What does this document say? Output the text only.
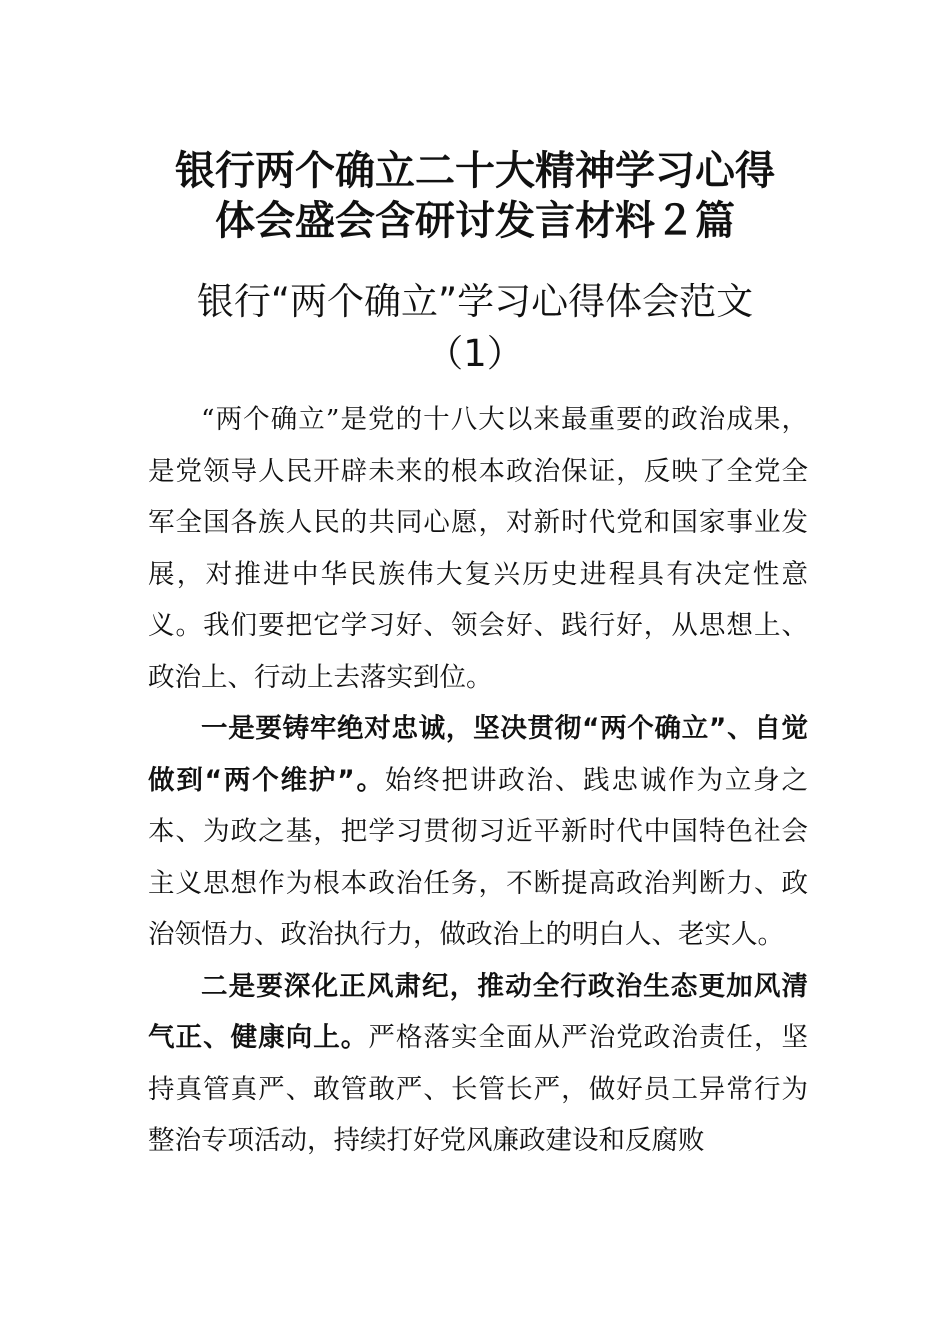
银行两个确立二十大精神学习心得
体会盛会含研讨发言材料２篇
银行“两个确立”学习心得体会范文
（1）

“两个确立”是党的十八大以来最重要的政治成果，是党领导人民开辟未来的根本政治保证，反映了全党全军全国各族人民的共同心愿，对新时代党和国家事业发展，对推进中华民族伟大复兴历史进程具有决定性意义。我们要把它学习好、领会好、践行好，从思想上、政治上、行动上去落实到位。

一是要铸牢绝对忠诚，坚决贯彻“两个确立”、自觉做到“两个维护”。始终把讲政治、践忠诚作为立身之本、为政之基，把学习贯彻习近平新时代中国特色社会主义思想作为根本政治任务，不断提高政治判断力、政治领悟力、政治执行力，做政治上的明白人、老实人。

二是要深化正风肃纪，推动全行政治生态更加风清气正、健康向上。严格落实全面从严治党政治责任，坚持真管真严、敢管敢严、长管长严，做好员工异常行为整治专项活动，持续打好党风廉政建设和反腐败
